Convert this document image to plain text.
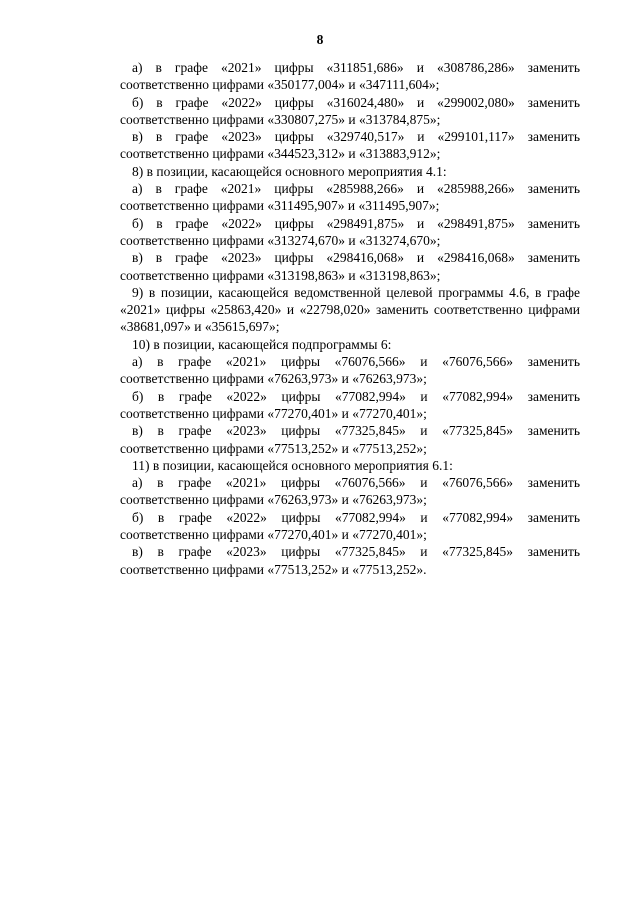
8

а) в графе «2021» цифры «311851,686» и «308786,286» заменить соответственно цифрами «350177,004» и «347111,604»;

б) в графе «2022» цифры «316024,480» и «299002,080» заменить соответственно цифрами «330807,275» и «313784,875»;

в) в графе «2023» цифры «329740,517» и «299101,117» заменить соответственно цифрами «344523,312» и «313883,912»;

8) в позиции, касающейся основного мероприятия 4.1:

а) в графе «2021» цифры «285988,266» и «285988,266» заменить соответственно цифрами «311495,907» и «311495,907»;

б) в графе «2022» цифры «298491,875» и «298491,875» заменить соответственно цифрами «313274,670» и «313274,670»;

в) в графе «2023» цифры «298416,068» и «298416,068» заменить соответственно цифрами «313198,863» и «313198,863»;

9) в позиции, касающейся ведомственной целевой программы 4.6, в графе «2021» цифры «25863,420» и «22798,020» заменить соответственно цифрами «38681,097» и «35615,697»;

10) в позиции, касающейся подпрограммы 6:

а) в графе «2021» цифры «76076,566» и «76076,566» заменить соответственно цифрами «76263,973» и «76263,973»;

б) в графе «2022» цифры «77082,994» и «77082,994» заменить соответственно цифрами «77270,401» и «77270,401»;

в) в графе «2023» цифры «77325,845» и «77325,845» заменить соответственно цифрами «77513,252» и «77513,252»;

11) в позиции, касающейся основного мероприятия 6.1:

а) в графе «2021» цифры «76076,566» и «76076,566» заменить соответственно цифрами «76263,973» и «76263,973»;

б) в графе «2022» цифры «77082,994» и «77082,994» заменить соответственно цифрами «77270,401» и «77270,401»;

в) в графе «2023» цифры «77325,845» и «77325,845» заменить соответственно цифрами «77513,252» и «77513,252».
